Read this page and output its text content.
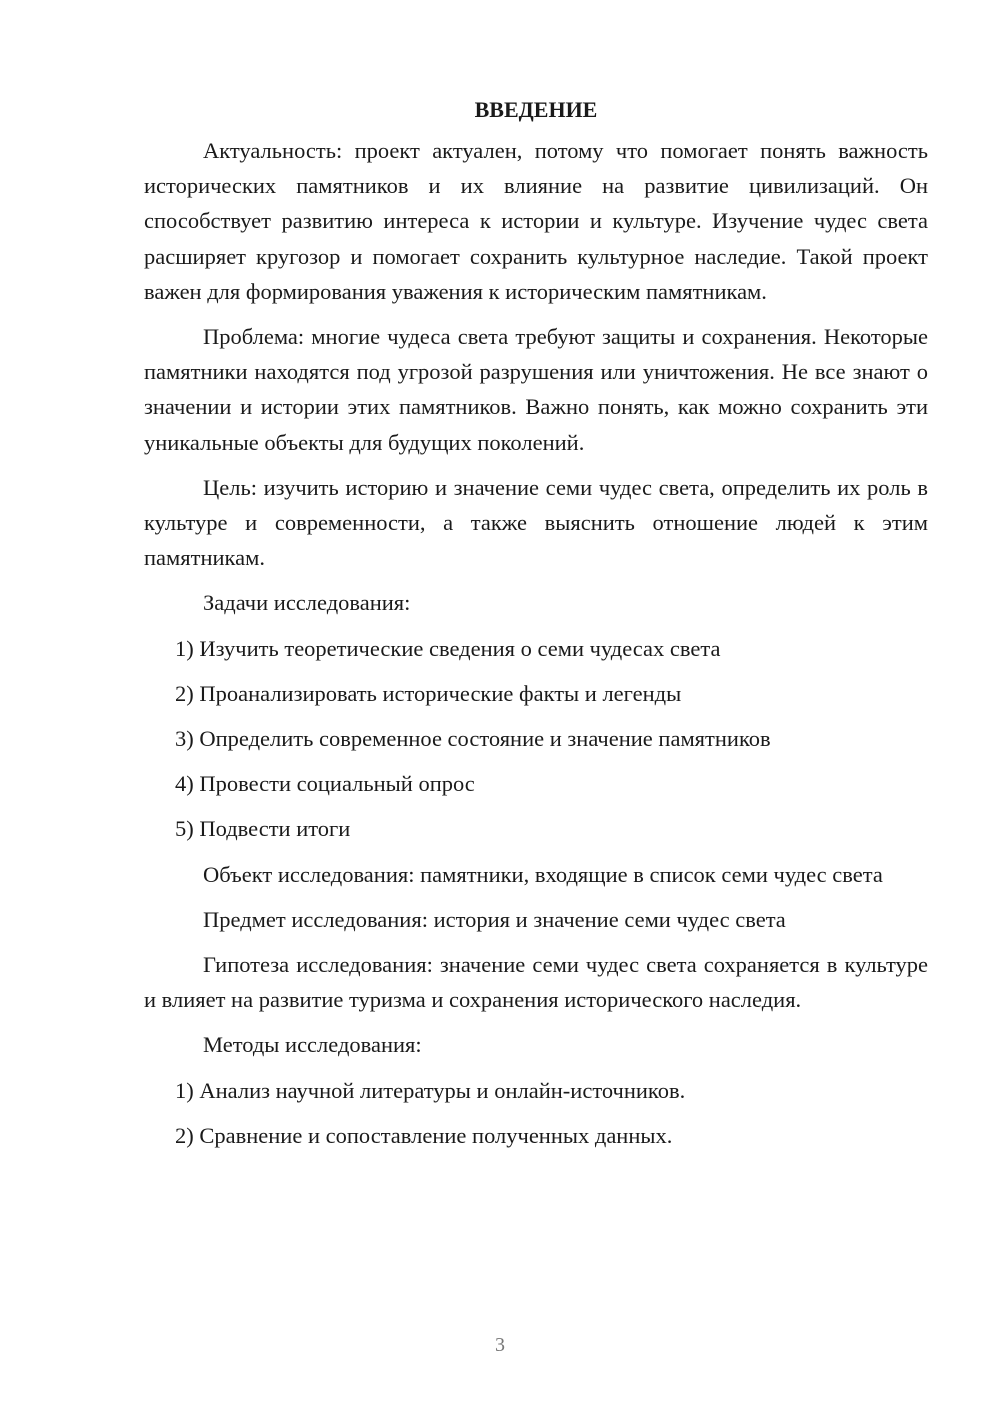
ВВЕДЕНИЕ

Актуальность: проект актуален, потому что помогает понять важность исторических памятников и их влияние на развитие цивилизаций. Он способствует развитию интереса к истории и культуре. Изучение чудес света расширяет кругозор и помогает сохранить культурное наследие. Такой проект важен для формирования уважения к историческим памятникам.

Проблема: многие чудеса света требуют защиты и сохранения. Некоторые памятники находятся под угрозой разрушения или уничтожения. Не все знают о значении и истории этих памятников. Важно понять, как можно сохранить эти уникальные объекты для будущих поколений.

Цель: изучить историю и значение семи чудес света, определить их роль в культуре и современности, а также выяснить отношение людей к этим памятникам.

Задачи исследования:
1) Изучить теоретические сведения о семи чудесах света
2) Проанализировать исторические факты и легенды
3) Определить современное состояние и значение памятников
4) Провести социальный опрос
5) Подвести итоги

Объект исследования: памятники, входящие в список семи чудес света

Предмет исследования: история и значение семи чудес света

Гипотеза исследования: значение семи чудес света сохраняется в культуре и влияет на развитие туризма и сохранения исторического наследия.

Методы исследования:
1) Анализ научной литературы и онлайн-источников.
2) Сравнение и сопоставление полученных данных.
3
